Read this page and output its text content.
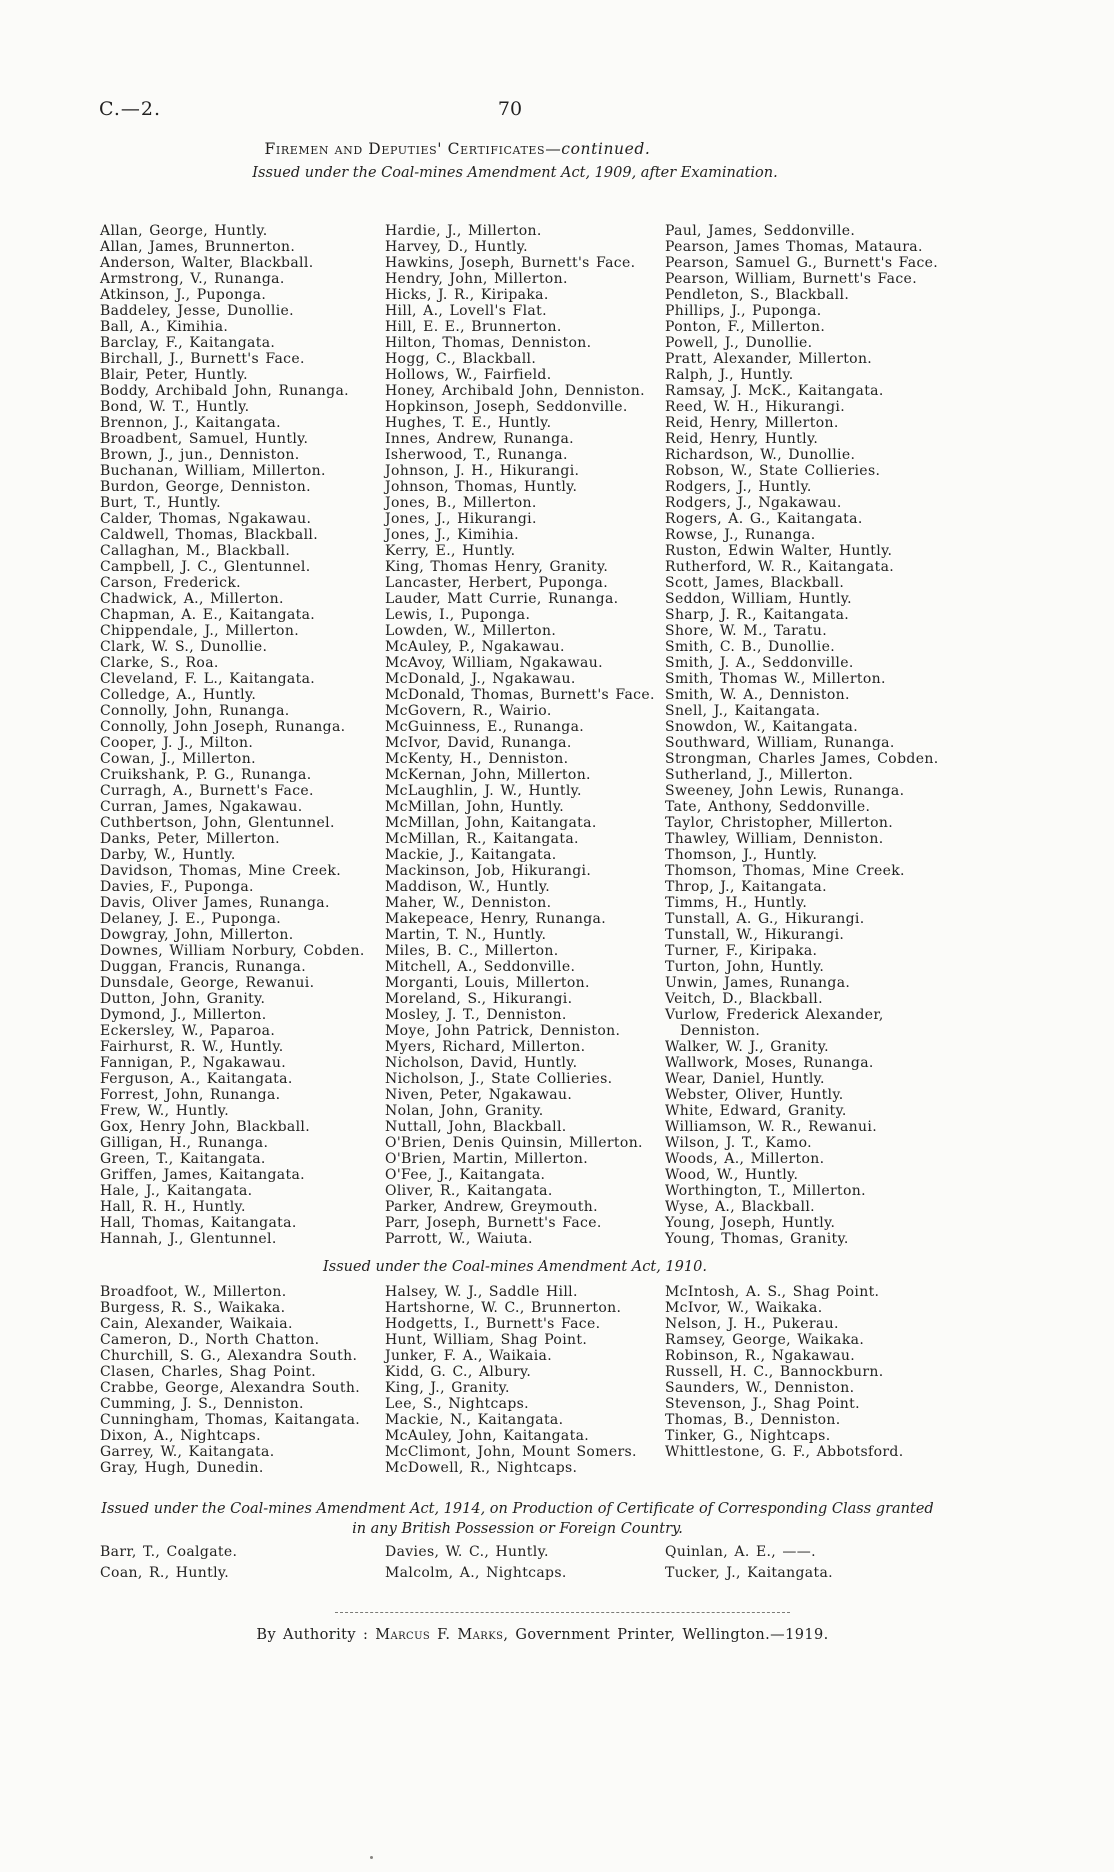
C.—2.	70
Firemen and Deputies' Certificates—continued.
Issued under the Coal-mines Amendment Act, 1909, after Examination.
Allan, George, Huntly.
Allan, James, Brunnerton.
Anderson, Walter, Blackball.
Armstrong, V., Runanga.
Atkinson, J., Puponga.
Baddeley, Jesse, Dunollie.
Ball, A., Kimihia.
Barclay, F., Kaitangata.
Birchall, J., Burnett's Face.
Blair, Peter, Huntly.
Boddy, Archibald John, Runanga.
Bond, W. T., Huntly.
Brennon, J., Kaitangata.
Broadbent, Samuel, Huntly.
Brown, J., jun., Denniston.
Buchanan, William, Millerton.
Burdon, George, Denniston.
Burt, T., Huntly.
Calder, Thomas, Ngakawau.
Caldwell, Thomas, Blackball.
Callaghan, M., Blackball.
Campbell, J. C., Glentunnel.
Carson, Frederick.
Chadwick, A., Millerton.
Chapman, A. E., Kaitangata.
Chippendale, J., Millerton.
Clark, W. S., Dunollie.
Clarke, S., Roa.
Cleveland, F. L., Kaitangata.
Colledge, A., Huntly.
Connolly, John, Runanga.
Connolly, John Joseph, Runanga.
Cooper, J. J., Milton.
Cowan, J., Millerton.
Cruikshank, P. G., Runanga.
Curragh, A., Burnett's Face.
Curran, James, Ngakawau.
Cuthbertson, John, Glentunnel.
Danks, Peter, Millerton.
Darby, W., Huntly.
Davidson, Thomas, Mine Creek.
Davies, F., Puponga.
Davis, Oliver James, Runanga.
Delaney, J. E., Puponga.
Dowgray, John, Millerton.
Downes, William Norbury, Cobden.
Duggan, Francis, Runanga.
Dunsdale, George, Rewanui.
Dutton, John, Granity.
Dymond, J., Millerton.
Eckersley, W., Paparoa.
Fairhurst, R. W., Huntly.
Fannigan, P., Ngakawau.
Ferguson, A., Kaitangata.
Forrest, John, Runanga.
Frew, W., Huntly.
Gox, Henry John, Blackball.
Gilligan, H., Runanga.
Green, T., Kaitangata.
Griffen, James, Kaitangata.
Hale, J., Kaitangata.
Hall, R. H., Huntly.
Hall, Thomas, Kaitangata.
Hannah, J., Glentunnel.
Hardie, J., Millerton.
Harvey, D., Huntly.
Hawkins, Joseph, Burnett's Face.
Hendry, John, Millerton.
Hicks, J. R., Kiripaka.
Hill, A., Lovell's Flat.
Hill, E. E., Brunnerton.
Hilton, Thomas, Denniston.
Hogg, C., Blackball.
Hollows, W., Fairfield.
Honey, Archibald John, Denniston.
Hopkinson, Joseph, Seddonville.
Hughes, T. E., Huntly.
Innes, Andrew, Runanga.
Isherwood, T., Runanga.
Johnson, J. H., Hikurangi.
Johnson, Thomas, Huntly.
Jones, B., Millerton.
Jones, J., Hikurangi.
Jones, J., Kimihia.
Kerry, E., Huntly.
King, Thomas Henry, Granity.
Lancaster, Herbert, Puponga.
Lauder, Matt Currie, Runanga.
Lewis, I., Puponga.
Lowden, W., Millerton.
McAuley, P., Ngakawau.
McAvoy, William, Ngakawau.
McDonald, J., Ngakawau.
McDonald, Thomas, Burnett's Face.
McGovern, R., Wairio.
McGuinness, E., Runanga.
McIvor, David, Runanga.
McKenty, H., Denniston.
McKernan, John, Millerton.
McLaughlin, J. W., Huntly.
McMillan, John, Huntly.
McMillan, John, Kaitangata.
McMillan, R., Kaitangata.
Mackie, J., Kaitangata.
Mackinson, Job, Hikurangi.
Maddison, W., Huntly.
Maher, W., Denniston.
Makepeace, Henry, Runanga.
Martin, T. N., Huntly.
Miles, B. C., Millerton.
Mitchell, A., Seddonville.
Morganti, Louis, Millerton.
Moreland, S., Hikurangi.
Mosley, J. T., Denniston.
Moye, John Patrick, Denniston.
Myers, Richard, Millerton.
Nicholson, David, Huntly.
Nicholson, J., State Collieries.
Niven, Peter, Ngakawau.
Nolan, John, Granity.
Nuttall, John, Blackball.
O'Brien, Denis Quinsin, Millerton.
O'Brien, Martin, Millerton.
O'Fee, J., Kaitangata.
Oliver, R., Kaitangata.
Parker, Andrew, Greymouth.
Parr, Joseph, Burnett's Face.
Parrott, W., Waiuta.
Paul, James, Seddonville.
Pearson, James Thomas, Mataura.
Pearson, Samuel G., Burnett's Face.
Pearson, William, Burnett's Face.
Pendleton, S., Blackball.
Phillips, J., Puponga.
Ponton, F., Millerton.
Powell, J., Dunollie.
Pratt, Alexander, Millerton.
Ralph, J., Huntly.
Ramsay, J. McK., Kaitangata.
Reed, W. H., Hikurangi.
Reid, Henry, Millerton.
Reid, Henry, Huntly.
Richardson, W., Dunollie.
Robson, W., State Collieries.
Rodgers, J., Huntly.
Rodgers, J., Ngakawau.
Rogers, A. G., Kaitangata.
Rowse, J., Runanga.
Ruston, Edwin Walter, Huntly.
Rutherford, W. R., Kaitangata.
Scott, James, Blackball.
Seddon, William, Huntly.
Sharp, J. R., Kaitangata.
Shore, W. M., Taratu.
Smith, C. B., Dunollie.
Smith, J. A., Seddonville.
Smith, Thomas W., Millerton.
Smith, W. A., Denniston.
Snell, J., Kaitangata.
Snowdon, W., Kaitangata.
Southward, William, Runanga.
Strongman, Charles James, Cobden.
Sutherland, J., Millerton.
Sweeney, John Lewis, Runanga.
Tate, Anthony, Seddonville.
Taylor, Christopher, Millerton.
Thawley, William, Denniston.
Thomson, J., Huntly.
Thomson, Thomas, Mine Creek.
Throp, J., Kaitangata.
Timms, H., Huntly.
Tunstall, A. G., Hikurangi.
Tunstall, W., Hikurangi.
Turner, F., Kiripaka.
Turton, John, Huntly.
Unwin, James, Runanga.
Veitch, D., Blackball.
Vurlow, Frederick Alexander, Denniston.
Walker, W. J., Granity.
Wallwork, Moses, Runanga.
Wear, Daniel, Huntly.
Webster, Oliver, Huntly.
White, Edward, Granity.
Williamson, W. R., Rewanui.
Wilson, J. T., Kamo.
Woods, A., Millerton.
Wood, W., Huntly.
Worthington, T., Millerton.
Wyse, A., Blackball.
Young, Joseph, Huntly.
Young, Thomas, Granity.
Issued under the Coal-mines Amendment Act, 1910.
Broadfoot, W., Millerton.
Burgess, R. S., Waikaka.
Cain, Alexander, Waikaia.
Cameron, D., North Chatton.
Churchill, S. G., Alexandra South.
Clasen, Charles, Shag Point.
Crabbe, George, Alexandra South.
Cumming, J. S., Denniston.
Cunningham, Thomas, Kaitangata.
Dixon, A., Nightcaps.
Garrey, W., Kaitangata.
Gray, Hugh, Dunedin.
Halsey, W. J., Saddle Hill.
Hartshorne, W. C., Brunnerton.
Hodgetts, I., Burnett's Face.
Hunt, William, Shag Point.
Junker, F. A., Waikaia.
Kidd, G. C., Albury.
King, J., Granity.
Lee, S., Nightcaps.
Mackie, N., Kaitangata.
McAuley, John, Kaitangata.
McClimont, John, Mount Somers.
McDowell, R., Nightcaps.
McIntosh, A. S., Shag Point.
McIvor, W., Waikaka.
Nelson, J. H., Pukerau.
Ramsey, George, Waikaka.
Robinson, R., Ngakawau.
Russell, H. C., Bannockburn.
Saunders, W., Denniston.
Stevenson, J., Shag Point.
Thomas, B., Denniston.
Tinker, G., Nightcaps.
Whittlestone, G. F., Abbotsford.
Issued under the Coal-mines Amendment Act, 1914, on Production of Certificate of Corresponding Class granted in any British Possession or Foreign Country.
Barr, T., Coalgate.
Coan, R., Huntly.
Davies, W. C., Huntly.
Malcolm, A., Nightcaps.
Quinlan, A. E., ——.
Tucker, J., Kaitangata.
By Authority : Marcus F. Marks, Government Printer, Wellington.—1919.
